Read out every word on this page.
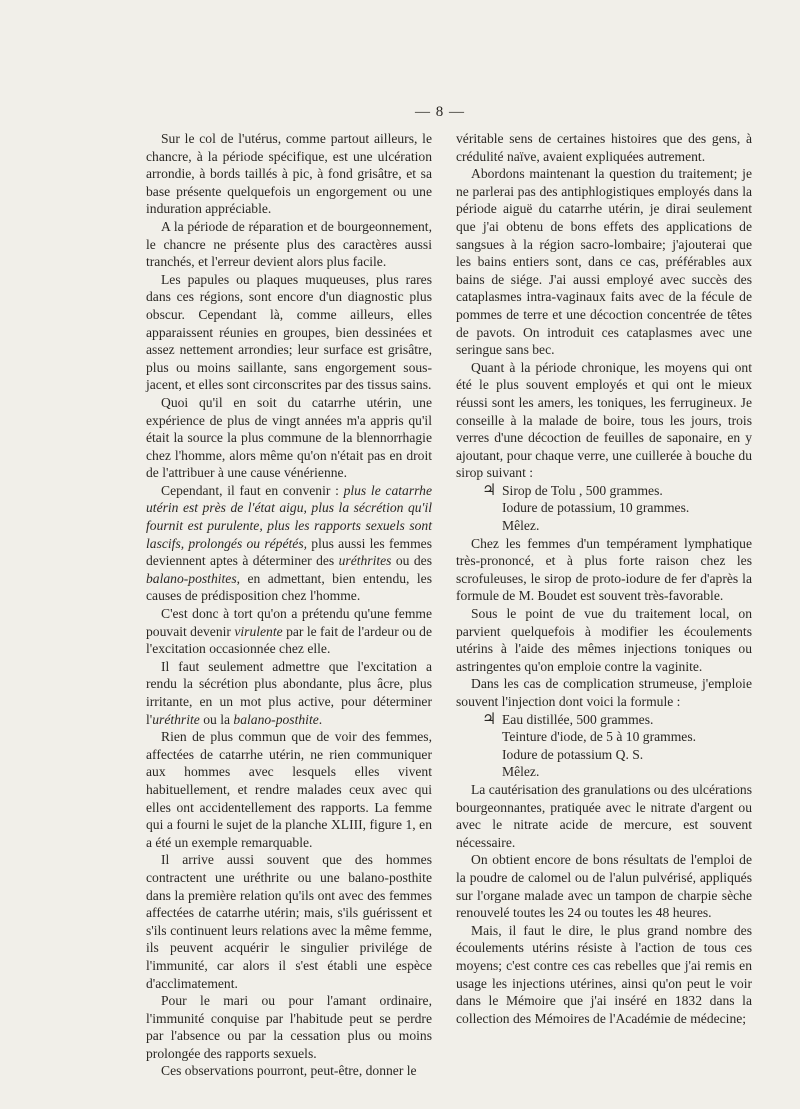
— 8 —

Sur le col de l'utérus, comme partout ailleurs, le chancre, à la période spécifique, est une ulcération arrondie, à bords taillés à pic, à fond grisâtre, et sa base présente quelquefois un engorgement ou une induration appréciable.

A la période de réparation et de bourgeonnement, le chancre ne présente plus des caractères aussi tranchés, et l'erreur devient alors plus facile.

Les papules ou plaques muqueuses, plus rares dans ces régions, sont encore d'un diagnostic plus obscur. Cependant là, comme ailleurs, elles apparaissent réunies en groupes, bien dessinées et assez nettement arrondies; leur surface est grisâtre, plus ou moins saillante, sans engorgement sous-jacent, et elles sont circonscrites par des tissus sains.

Quoi qu'il en soit du catarrhe utérin, une expérience de plus de vingt années m'a appris qu'il était la source la plus commune de la blennorrhagie chez l'homme, alors même qu'on n'était pas en droit de l'attribuer à une cause vénérienne.

Cependant, il faut en convenir : plus le catarrhe utérin est près de l'état aigu, plus la sécrétion qu'il fournit est purulente, plus les rapports sexuels sont lascifs, prolongés ou répétés, plus aussi les femmes deviennent aptes à déterminer des uréthrites ou des balano-posthites, en admettant, bien entendu, les causes de prédisposition chez l'homme.

C'est donc à tort qu'on a prétendu qu'une femme pouvait devenir virulente par le fait de l'ardeur ou de l'excitation occasionnée chez elle.

Il faut seulement admettre que l'excitation a rendu la sécrétion plus abondante, plus âcre, plus irritante, en un mot plus active, pour déterminer l'uréthrite ou la balano-posthite.

Rien de plus commun que de voir des femmes, affectées de catarrhe utérin, ne rien communiquer aux hommes avec lesquels elles vivent habituellement, et rendre malades ceux avec qui elles ont accidentellement des rapports. La femme qui a fourni le sujet de la planche XLIII, figure 1, en a été un exemple remarquable.

Il arrive aussi souvent que des hommes contractent une uréthrite ou une balano-posthite dans la première relation qu'ils ont avec des femmes affectées de catarrhe utérin; mais, s'ils guérissent et s'ils continuent leurs relations avec la même femme, ils peuvent acquérir le singulier privilége de l'immunité, car alors il s'est établi une espèce d'acclimatement.

Pour le mari ou pour l'amant ordinaire, l'immunité conquise par l'habitude peut se perdre par l'absence ou par la cessation plus ou moins prolongée des rapports sexuels.

Ces observations pourront, peut-être, donner le

véritable sens de certaines histoires que des gens, à crédulité naïve, avaient expliquées autrement.

Abordons maintenant la question du traitement; je ne parlerai pas des antiphlogistiques employés dans la période aiguë du catarrhe utérin, je dirai seulement que j'ai obtenu de bons effets des applications de sangsues à la région sacro-lombaire; j'ajouterai que les bains entiers sont, dans ce cas, préférables aux bains de siége. J'ai aussi employé avec succès des cataplasmes intra-vaginaux faits avec de la fécule de pommes de terre et une décoction concentrée de têtes de pavots. On introduit ces cataplasmes avec une seringue sans bec.

Quant à la période chronique, les moyens qui ont été le plus souvent employés et qui ont le mieux réussi sont les amers, les toniques, les ferrugineux. Je conseille à la malade de boire, tous les jours, trois verres d'une décoction de feuilles de saponaire, en y ajoutant, pour chaque verre, une cuillerée à bouche du sirop suivant :

♃ Sirop de Tolu , 500 grammes.
Iodure de potassium, 10 grammes.
Mêlez.

Chez les femmes d'un tempérament lymphatique très-prononcé, et à plus forte raison chez les scrofuleuses, le sirop de proto-iodure de fer d'après la formule de M. Boudet est souvent très-favorable.

Sous le point de vue du traitement local, on parvient quelquefois à modifier les écoulements utérins à l'aide des mêmes injections toniques ou astringentes qu'on emploie contre la vaginite.

Dans les cas de complication strumeuse, j'emploie souvent l'injection dont voici la formule :

♃ Eau distillée, 500 grammes.
Teinture d'iode, de 5 à 10 grammes.
Iodure de potassium Q. S.
Mêlez.

La cautérisation des granulations ou des ulcérations bourgeonnantes, pratiquée avec le nitrate d'argent ou avec le nitrate acide de mercure, est souvent nécessaire.

On obtient encore de bons résultats de l'emploi de la poudre de calomel ou de l'alun pulvérisé, appliqués sur l'organe malade avec un tampon de charpie sèche renouvelé toutes les 24 ou toutes les 48 heures.

Mais, il faut le dire, le plus grand nombre des écoulements utérins résiste à l'action de tous ces moyens; c'est contre ces cas rebelles que j'ai remis en usage les injections utérines, ainsi qu'on peut le voir dans le Mémoire que j'ai inséré en 1832 dans la collection des Mémoires de l'Académie de médecine;
